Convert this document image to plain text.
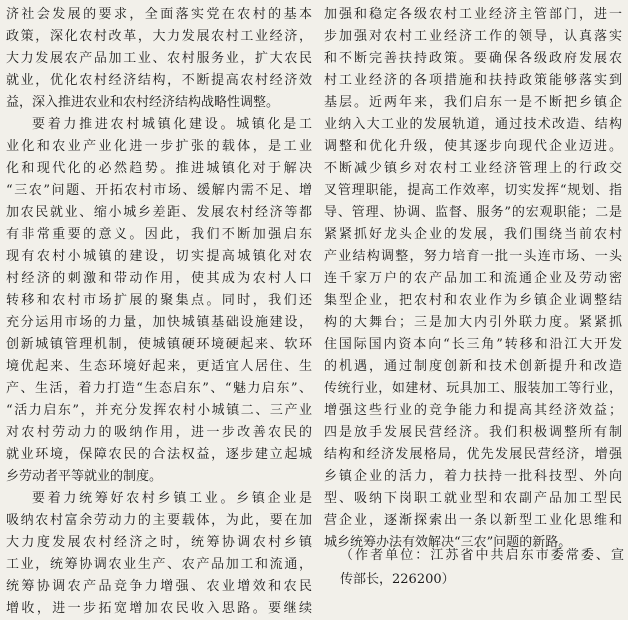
济社会发展的要求，全面落实党在农村的基本
政策，深化农村改革，大力发展农村工业经济，
大力发展农产品加工业、农村服务业，扩大农民
就业，优化农村经济结构，不断提高农村经济效
益，深入推进农业和农村经济结构战略性调整。
要着力推进农村城镇化建设。城镇化是工
业化和农业产业化进一步扩张的载体，是工业
化和现代化的必然趋势。推进城镇化对于解决
“三农”问题、开拓农村市场、缓解内需不足、增
加农民就业、缩小城乡差距、发展农村经济等都
有非常重要的意义。因此，我们不断加强启东
现有农村小城镇的建设，切实提高城镇化对农
村经济的刺激和带动作用，使其成为农村人口
转移和农村市场扩展的聚集点。同时，我们还
充分运用市场的力量，加快城镇基础设施建设，
创新城镇管理机制，使城镇硬环境硬起来、软环
境优起来、生态环境好起来，更适宜人居住、生
产、生活，着力打造“生态启东”、“魅力启东”、
“活力启东”，并充分发挥农村小城镇二、三产业
对农村劳动力的吸纳作用，进一步改善农民的
就业环境，保障农民的合法权益，逐步建立起城
乡劳动者平等就业的制度。
要着力统筹好农村乡镇工业。乡镇企业是
吸纳农村富余劳动力的主要载体，为此，要在加
大力度发展农村经济之时，统筹协调农村乡镇
工业，统筹协调农业生产、农产品加工和流通，
统筹协调农产品竞争力增强、农业增效和农民
增收，进一步拓宽增加农民收入思路。要继续
加强和稳定各级农村工业经济主管部门，进一
步加强对农村工业经济工作的领导，认真落实
和不断完善扶持政策。要确保各级政府发展农
村工业经济的各项措施和扶持政策能够落实到
基层。近两年来，我们启东一是不断把乡镇企
业纳入大工业的发展轨道，通过技术改造、结构
调整和优化升级，使其逐步向现代企业迈进。
不断减少镇乡对农村工业经济管理上的行政交
叉管理职能，提高工作效率，切实发挥“规划、指
导、管理、协调、监督、服务”的宏观职能；二是
紧紧抓好龙头企业的发展，我们围绕当前农村
产业结构调整，努力培育一批一头连市场、一头
连千家万户的农产品加工和流通企业及劳动密
集型企业，把农村和农业作为乡镇企业调整结
构的大舞台；三是加大内引外联力度。紧紧抓
住国际国内资本向“长三角”转移和沿江大开发
的机遇，通过制度创新和技术创新提升和改造
传统行业，如建材、玩具加工、服装加工等行业，
增强这些行业的竞争能力和提高其经济效益；
四是放手发展民营经济。我们积极调整所有制
结构和经济发展格局，优先发展民营经济，增强
乡镇企业的活力，着力扶持一批科技型、外向
型、吸纳下岗职工就业型和农副产品加工型民
营企业，逐渐探索出一条以新型工业化思维和
城乡统筹办法有效解决“三农”问题的新路。
（作者单位：江苏省中共启东市委常委、宣
传部长，226200）
